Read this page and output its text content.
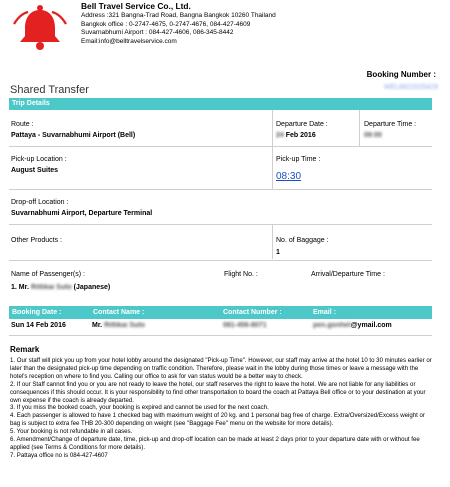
Bell Travel Service Co., Ltd.
Address :321 Bangna-Trad Road, Bangna Bangkok 10260 Thailand
Bangkok office : 0-2747-4675, 0-2747-4676, 084-427-4609
Suvarnabhumi Airport : 084-427-4606, 086-345-8442
Email:info@belltravelservice.com
Booking Number :
Shared Transfer	WEL6822025429
Trip Details
Route :
Pattaya - Suvarnabhumi Airport (Bell)
Departure Date :
24 Feb 2016
Departure Time :
09:00
Pick-up Location :
August Suites
Pick-up Time :
08:30
Drop-off Location :
Suvarnabhumi Airport, Departure Terminal
Other Products :	No. of Baggage :
1
Name of Passenger(s) :	Flight No. :	Arrival/Departure Time :
1. Mr. Rittikai Suto (Japanese)
Booking Date :	Contact Name :	Contact Number :	Email :
Sun 14 Feb 2016	Mr. Rittikai Suto	081-456-8071	pen.gonhet@ymail.com
Remark

1. Our staff will pick you up from your hotel lobby around the designated "Pick-up Time". However, our staff may arrive at the hotel 10 to 30 minutes earlier or later than the designated pick-up time depending on traffic condition. Therefore, please wait in the lobby during those times or leave a message with the hotel's reception on where to find you. Calling our office to ask for van status would be a better way to check.

2. If our Staff cannot find you or you are not ready to leave the hotel, our staff reserves the right to leave the hotel. We are not liable for any liabilities or consequences if this should occur. It is your responsibility to find other transportation to board the coach at Pattaya Bell office or to your destination at your own expense if the coach is already departed.

3. If you miss the booked coach, your booking is expired and cannot be used for the next coach.

4. Each passenger is allowed to have 1 checked bag with maximum weight of 20 kg. and 1 personal bag free of charge. Extra/Oversized/Excess weight or bag is subject to extra fee THB 20-300 depending on weight (see "Baggage Fee" menu on the website for more details).

5. Your booking is not refundable in all cases.

6. Amendment/Change of departure date, time, pick-up and drop-off location can be made at least 2 days prior to your departure date with or without fee applied (see Terms & Conditions for more details).

7. Pattaya office no is 084-427-4607
